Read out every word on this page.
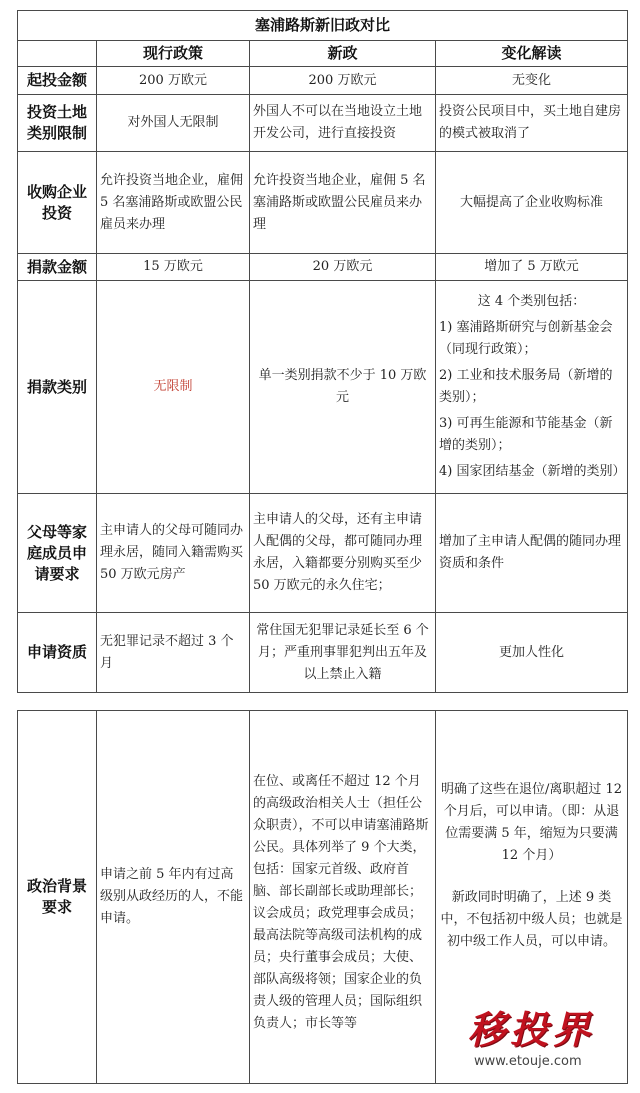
塞浦路斯新旧政对比			
	现行政策	新政	变化解读
起投金额	200 万欧元	200 万欧元	无变化
投资土地类别限制	对外国人无限制	外国人不可以在当地设立土地开发公司，进行直接投资	投资公民项目中，买土地自建房的模式被取消了
收购企业投资	允许投资当地企业，雇佣 5 名塞浦路斯或欧盟公民雇员来办理	允许投资当地企业，雇佣 5 名塞浦路斯或欧盟公民雇员来办理	大幅提高了企业收购标准
捐款金额	15 万欧元	20 万欧元	增加了 5 万欧元
捐款类别	无限制	单一类别捐款不少于 10 万欧元	这 4 个类别包括：
1) 塞浦路斯研究与创新基金会（同现行政策）；
2) 工业和技术服务局（新增的类别）；
3) 可再生能源和节能基金（新增的类别）；
4) 国家团结基金（新增的类别）

父母等家庭成员申请要求	主申请人的父母可随同办理永居，随同入籍需购买 50 万欧元房产	主申请人的父母，还有主申请人配偶的父母，都可随同办理永居，入籍都要分别购买至少 50 万欧元的永久住宅；	增加了主申请人配偶的随同办理资质和条件
申请资质	无犯罪记录不超过 3 个月	常住国无犯罪记录延长至 6 个月；严重刑事罪犯判出五年及以上禁止入籍	更加人性化
政治背景要求	申请之前 5 年内有过高级别从政经历的人，不能申请。	在位、或离任不超过 12 个月的高级政治相关人士（担任公众职责），不可以申请塞浦路斯公民。具体列举了 9 个大类，包括：国家元首级、政府首脑、部长副部长或助理部长；议会成员；政党理事会成员；最高法院等高级司法机构的成员；央行董事会成员；大使、部队高级将领；国家企业的负责人级的管理人员；国际组织负责人；市长等等	
明确了这些在退位/离职超过 12 个月后，可以申请。（即：从退位需要满 5 年，缩短为只要满 12 个月）
新政同时明确了，上述 9 类中，不包括初中级人员；也就是初中级工作人员，可以申请。
移投界
www.etouje.com
